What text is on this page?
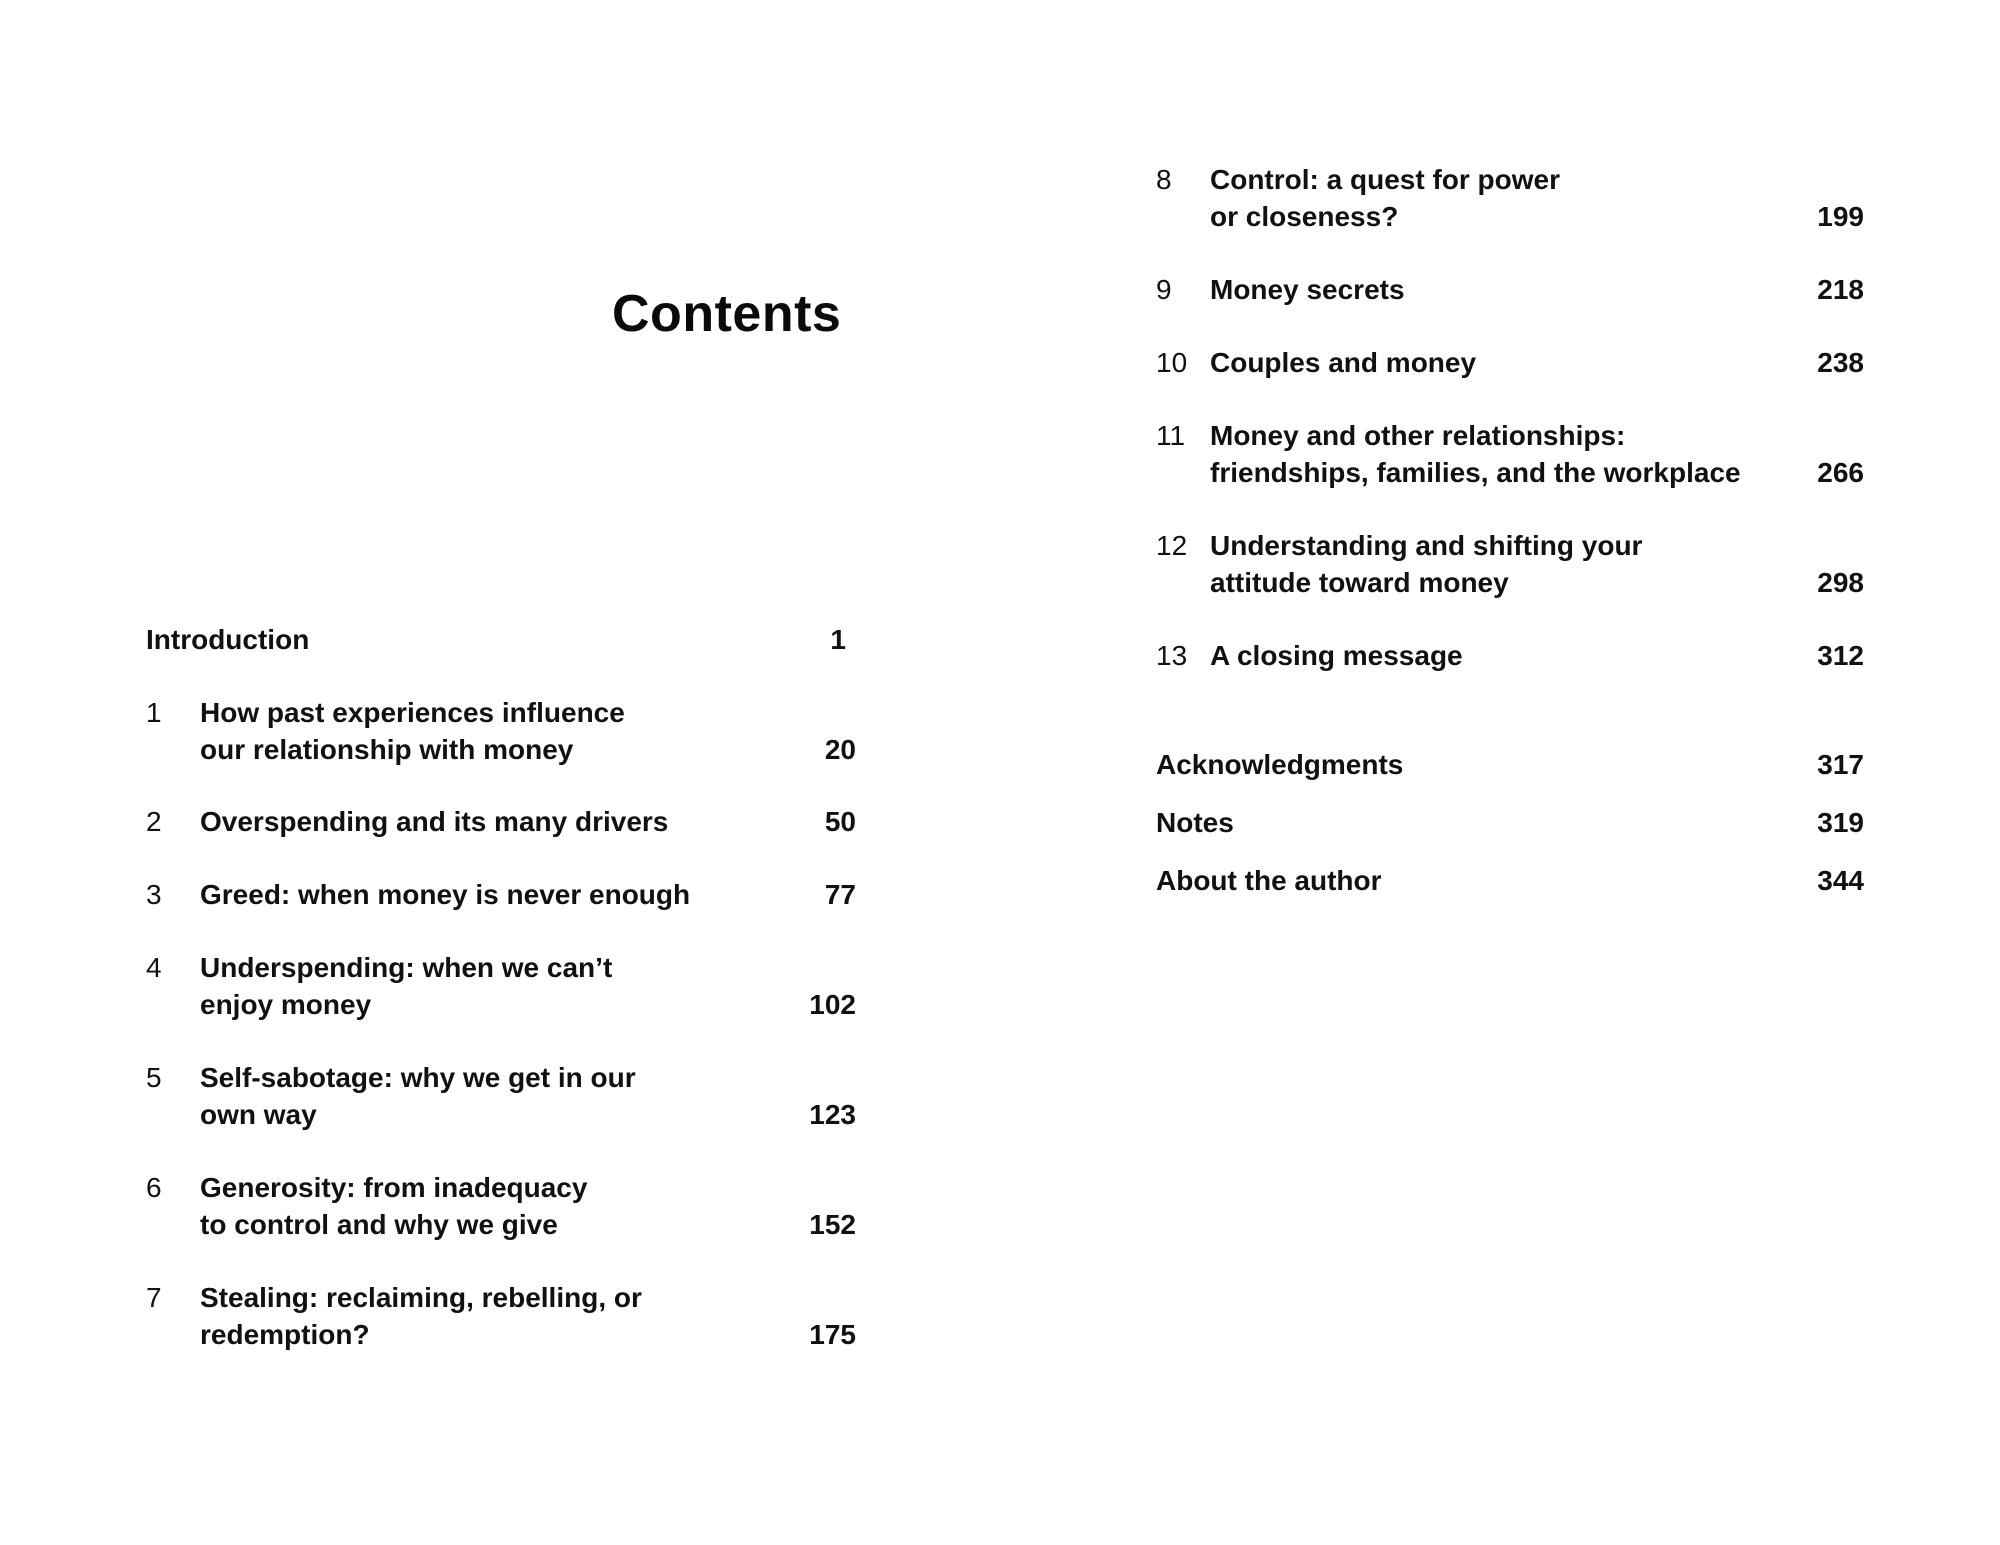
Contents
Introduction	1
1 How past experiences influence
our relationship with money	20
2 Overspending and its many drivers	50
3 Greed: when money is never enough	77
4 Underspending: when we can’t
enjoy money	102
5 Self-sabotage: why we get in our
own way	123
6 Generosity: from inadequacy
to control and why we give	152
7 Stealing: reclaiming, rebelling, or
redemption?	175
8 Control: a quest for power
or closeness?	199
9 Money secrets	218
10 Couples and money	238
11 Money and other relationships:
friendships, families, and the workplace	266
12 Understanding and shifting your
attitude toward money	298
13 A closing message	312
Acknowledgments	317
Notes	319
About the author	344
